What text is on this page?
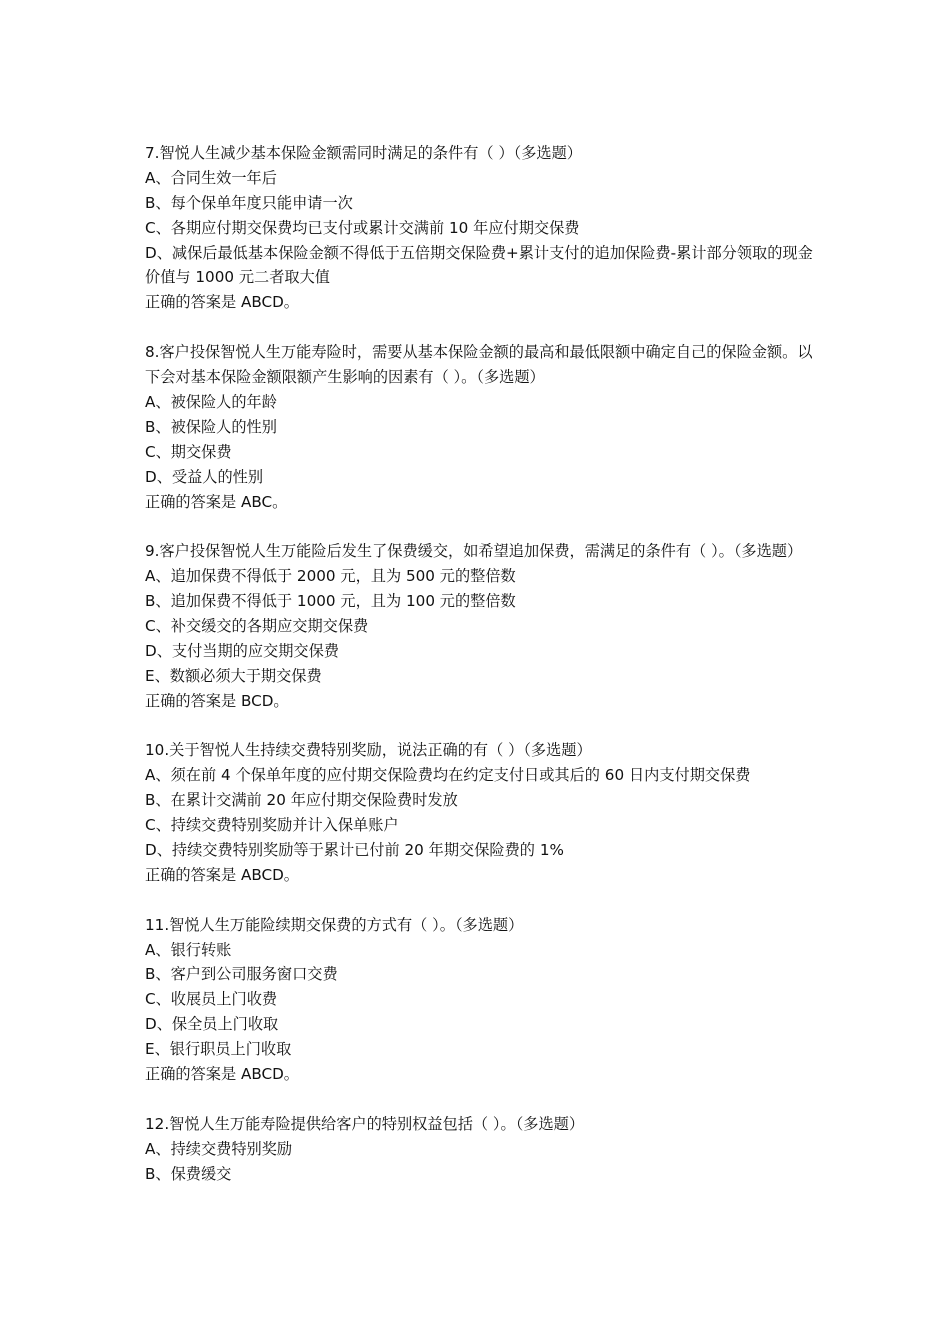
7.智悦人生减少基本保险金额需同时满足的条件有（ ）（多选题）
A、合同生效一年后
B、每个保单年度只能申请一次
C、各期应付期交保费均已支付或累计交满前 10 年应付期交保费
D、减保后最低基本保险金额不得低于五倍期交保险费+累计支付的追加保险费-累计部分领取的现金价值与 1000 元二者取大值
正确的答案是 ABCD。
8.客户投保智悦人生万能寿险时，需要从基本保险金额的最高和最低限额中确定自己的保险金额。以下会对基本保险金额限额产生影响的因素有（ ）。（多选题）
A、被保险人的年龄
B、被保险人的性别
C、期交保费
D、受益人的性别
正确的答案是 ABC。
9.客户投保智悦人生万能险后发生了保费缓交，如希望追加保费，需满足的条件有（ ）。（多选题）
A、追加保费不得低于 2000 元，且为 500 元的整倍数
B、追加保费不得低于 1000 元，且为 100 元的整倍数
C、补交缓交的各期应交期交保费
D、支付当期的应交期交保费
E、数额必须大于期交保费
正确的答案是 BCD。
10.关于智悦人生持续交费特别奖励，说法正确的有（ ）（多选题）
A、须在前 4 个保单年度的应付期交保险费均在约定支付日或其后的 60 日内支付期交保费
B、在累计交满前 20 年应付期交保险费时发放
C、持续交费特别奖励并计入保单账户
D、持续交费特别奖励等于累计已付前 20 年期交保险费的 1%
正确的答案是 ABCD。
11.智悦人生万能险续期交保费的方式有（ ）。（多选题）
A、银行转账
B、客户到公司服务窗口交费
C、收展员上门收费
D、保全员上门收取
E、银行职员上门收取
正确的答案是 ABCD。
12.智悦人生万能寿险提供给客户的特别权益包括（ ）。（多选题）
A、持续交费特别奖励
B、保费缓交
